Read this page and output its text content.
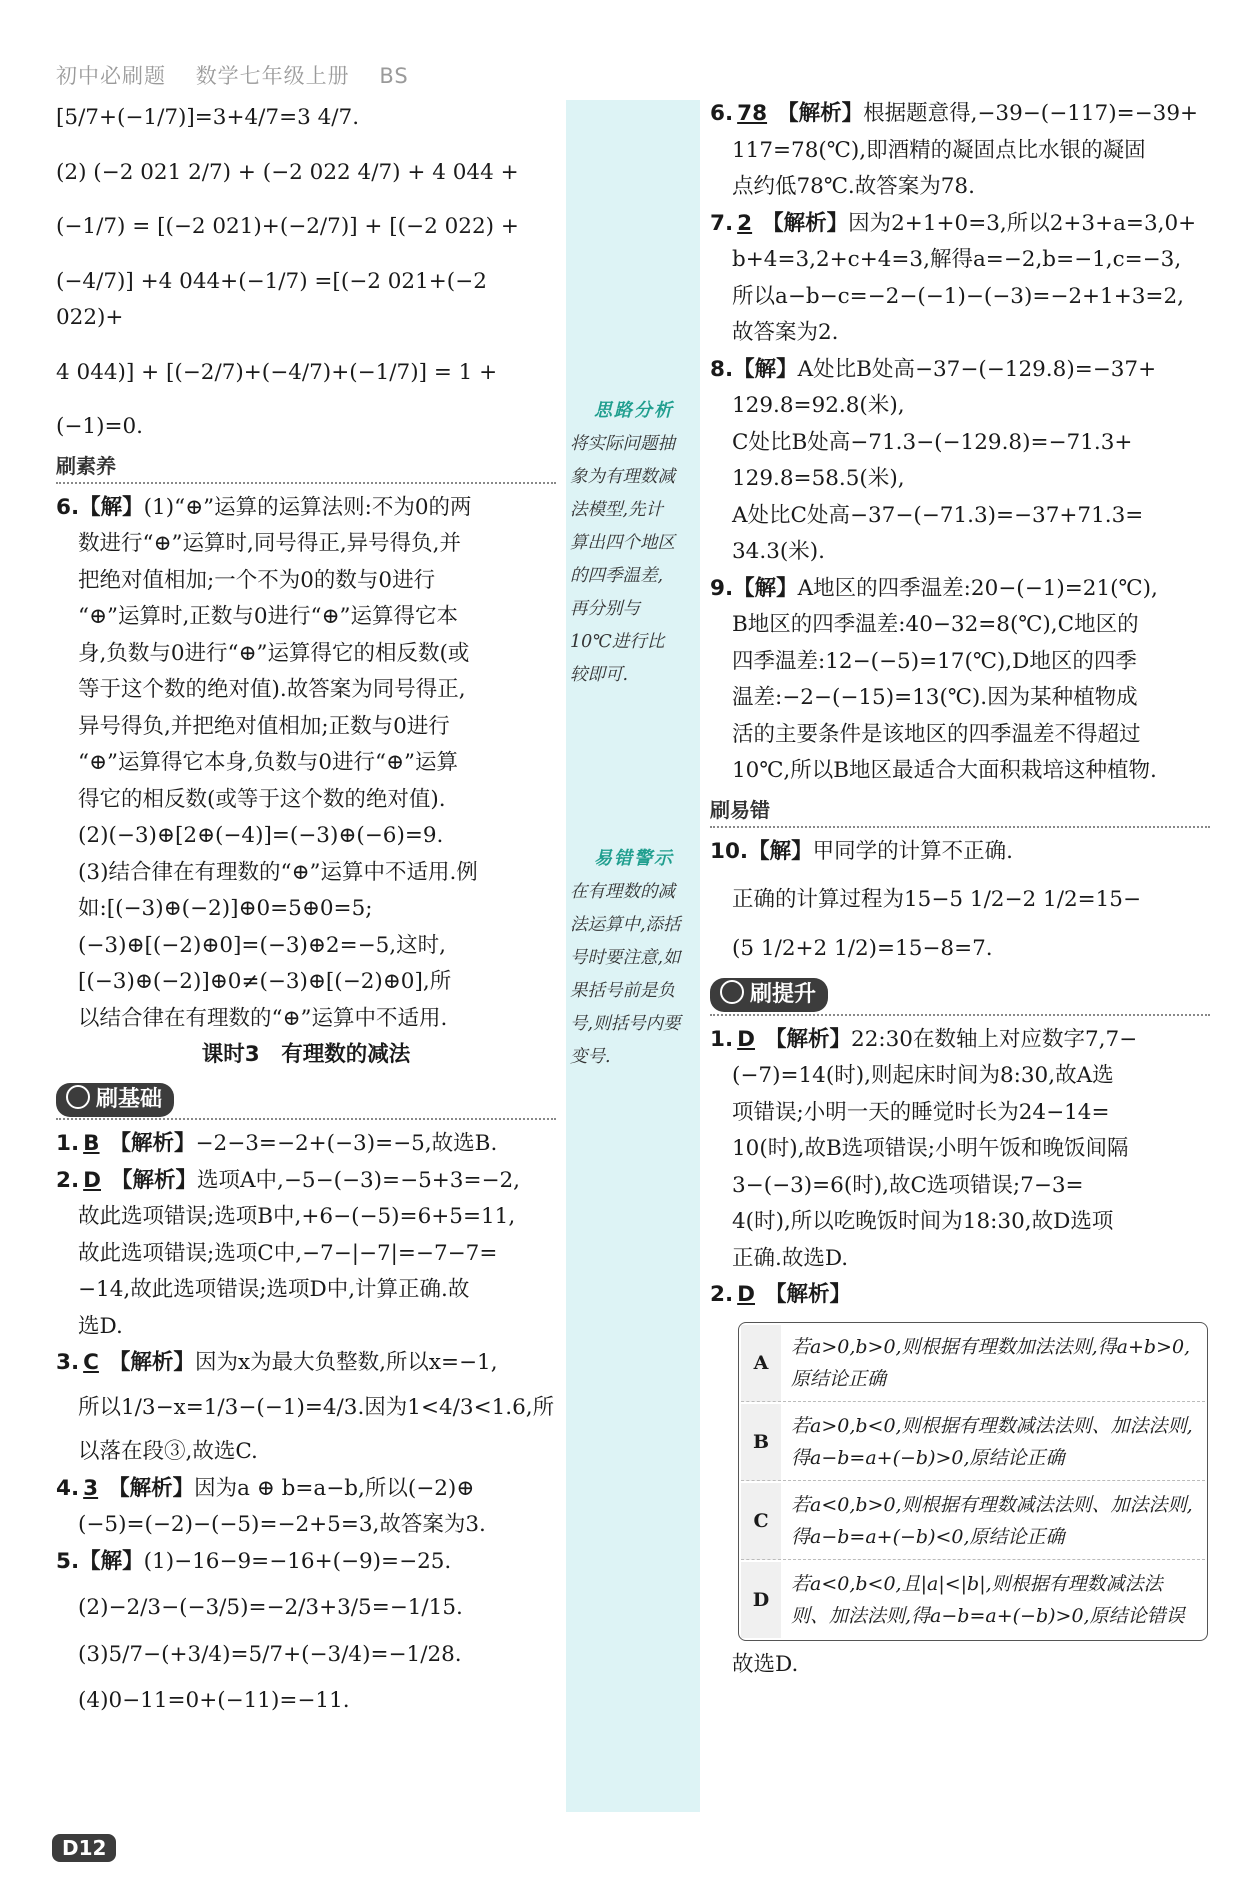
初中必刷题 数学七年级上册 BS

[5/7+(−1/7)]=3+4/7=3 4/7.

(2) (−2 021 2/7) + (−2 022 4/7) + 4 044 +

(−1/7) = [(−2 021)+(−2/7)] + [(−2 022) +

(−4/7)] +4 044+(−1/7) =[(−2 021+(−2 022)+

4 044)] + [(−2/7)+(−4/7)+(−1/7)] = 1 +

(−1)=0.

刷素养

6.【解】(1)“⊕”运算的运算法则:不为0的两

数进行“⊕”运算时,同号得正,异号得负,并

把绝对值相加;一个不为0的数与0进行

“⊕”运算时,正数与0进行“⊕”运算得它本

身,负数与0进行“⊕”运算得它的相反数(或

等于这个数的绝对值).故答案为同号得正,

异号得负,并把绝对值相加;正数与0进行

“⊕”运算得它本身,负数与0进行“⊕”运算

得它的相反数(或等于这个数的绝对值).

(2)(−3)⊕[2⊕(−4)]=(−3)⊕(−6)=9.

(3)结合律在有理数的“⊕”运算中不适用.例

如:[(−3)⊕(−2)]⊕0=5⊕0=5;

(−3)⊕[(−2)⊕0]=(−3)⊕2=−5,这时,

[(−3)⊕(−2)]⊕0≠(−3)⊕[(−2)⊕0],所

以结合律在有理数的“⊕”运算中不适用.

课时3　有理数的减法

刷基础

1. B 【解析】−2−3=−2+(−3)=−5,故选B.

2. D 【解析】选项A中,−5−(−3)=−5+3=−2,

故此选项错误;选项B中,+6−(−5)=6+5=11,

故此选项错误;选项C中,−7−|−7|=−7−7=

−14,故此选项错误;选项D中,计算正确.故

选D.

3. C 【解析】因为x为最大负整数,所以x=−1,

所以1/3−x=1/3−(−1)=4/3.因为1<4/3<1.6,所

以落在段③,故选C.

4. 3 【解析】因为a ⊕ b=a−b,所以(−2)⊕

(−5)=(−2)−(−5)=−2+5=3,故答案为3.

5.【解】(1)−16−9=−16+(−9)=−25.

(2)−2/3−(−3/5)=−2/3+3/5=−1/15.

(3)5/7−(+3/4)=5/7+(−3/4)=−1/28.

(4)0−11=0+(−11)=−11.

思路分析
将实际问题抽
象为有理数减
法模型,先计
算出四个地区
的四季温差,
再分别与
10℃进行比
较即可.
易错警示
在有理数的减
法运算中,添括
号时要注意,如
果括号前是负
号,则括号内要
变号.

6. 78 【解析】根据题意得,−39−(−117)=−39+

117=78(℃),即酒精的凝固点比水银的凝固

点约低78℃.故答案为78.

7. 2 【解析】因为2+1+0=3,所以2+3+a=3,0+

b+4=3,2+c+4=3,解得a=−2,b=−1,c=−3,

所以a−b−c=−2−(−1)−(−3)=−2+1+3=2,

故答案为2.

8.【解】A处比B处高−37−(−129.8)=−37+

129.8=92.8(米),

C处比B处高−71.3−(−129.8)=−71.3+

129.8=58.5(米),

A处比C处高−37−(−71.3)=−37+71.3=

34.3(米).

9.【解】A地区的四季温差:20−(−1)=21(℃),

B地区的四季温差:40−32=8(℃),C地区的

四季温差:12−(−5)=17(℃),D地区的四季

温差:−2−(−15)=13(℃).因为某种植物成

活的主要条件是该地区的四季温差不得超过

10℃,所以B地区最适合大面积栽培这种植物.

刷易错

10.【解】甲同学的计算不正确.

正确的计算过程为15−5 1/2−2 1/2=15−

(5 1/2+2 1/2)=15−8=7.

刷提升

1. D 【解析】22:30在数轴上对应数字7,7−

(−7)=14(时),则起床时间为8:30,故A选

项错误;小明一天的睡觉时长为24−14=

10(时),故B选项错误;小明午饭和晚饭间隔

3−(−3)=6(时),故C选项错误;7−3=

4(时),所以吃晚饭时间为18:30,故D选项

正确.故选D.

2. D 【解析】

A	若a>0,b>0,则根据有理数加法法则,得a+b>0,原结论正确
B	若a>0,b<0,则根据有理数减法法则、加法法则,得a−b=a+(−b)>0,原结论正确
C	若a<0,b>0,则根据有理数减法法则、加法法则,得a−b=a+(−b)<0,原结论正确
D	若a<0,b<0,且|a|<|b|,则根据有理数减法法则、加法法则,得a−b=a+(−b)>0,原结论错误

故选D.

D12
